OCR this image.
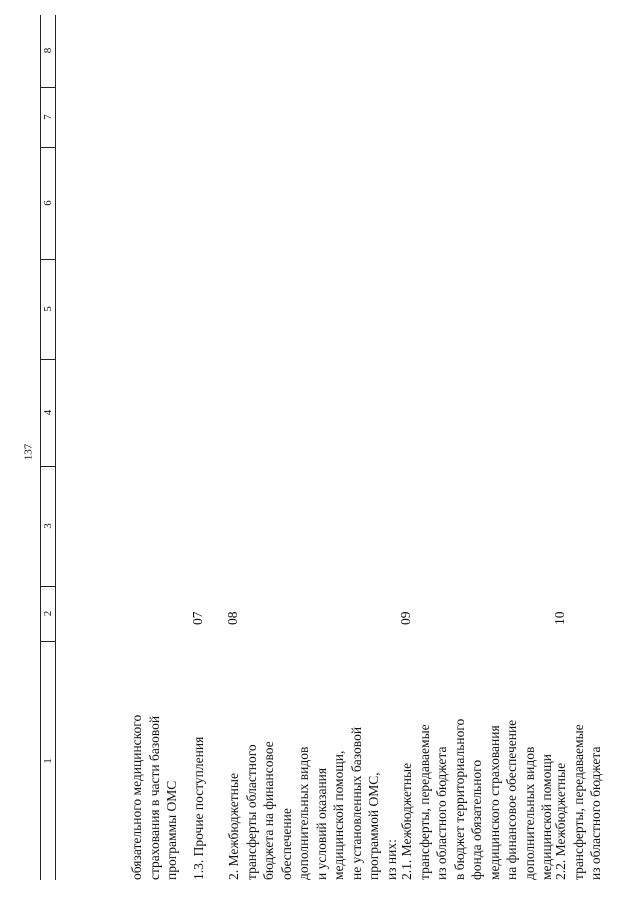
137
1
2
3
4
5
6
7
8
обязательного медицинского
страхования в части базовой
программы ОМС 1.3. Прочие поступления
07
2. Межбюджетные
трансферты областного
бюджета на финансовое
обеспечение
дополнительных видов
и условий оказания
медицинской помощи,
не установленных базовой
программой ОМС,
из них:
08
2.1. Межбюджетные
трансферты, передаваемые
из областного бюджета
в бюджет территориального
фонда обязательного
медицинского страхования
на финансовое обеспечение
дополнительных видов
медицинской помощи
09
2.2. Межбюджетные
трансферты, передаваемые
из областного бюджета
10
